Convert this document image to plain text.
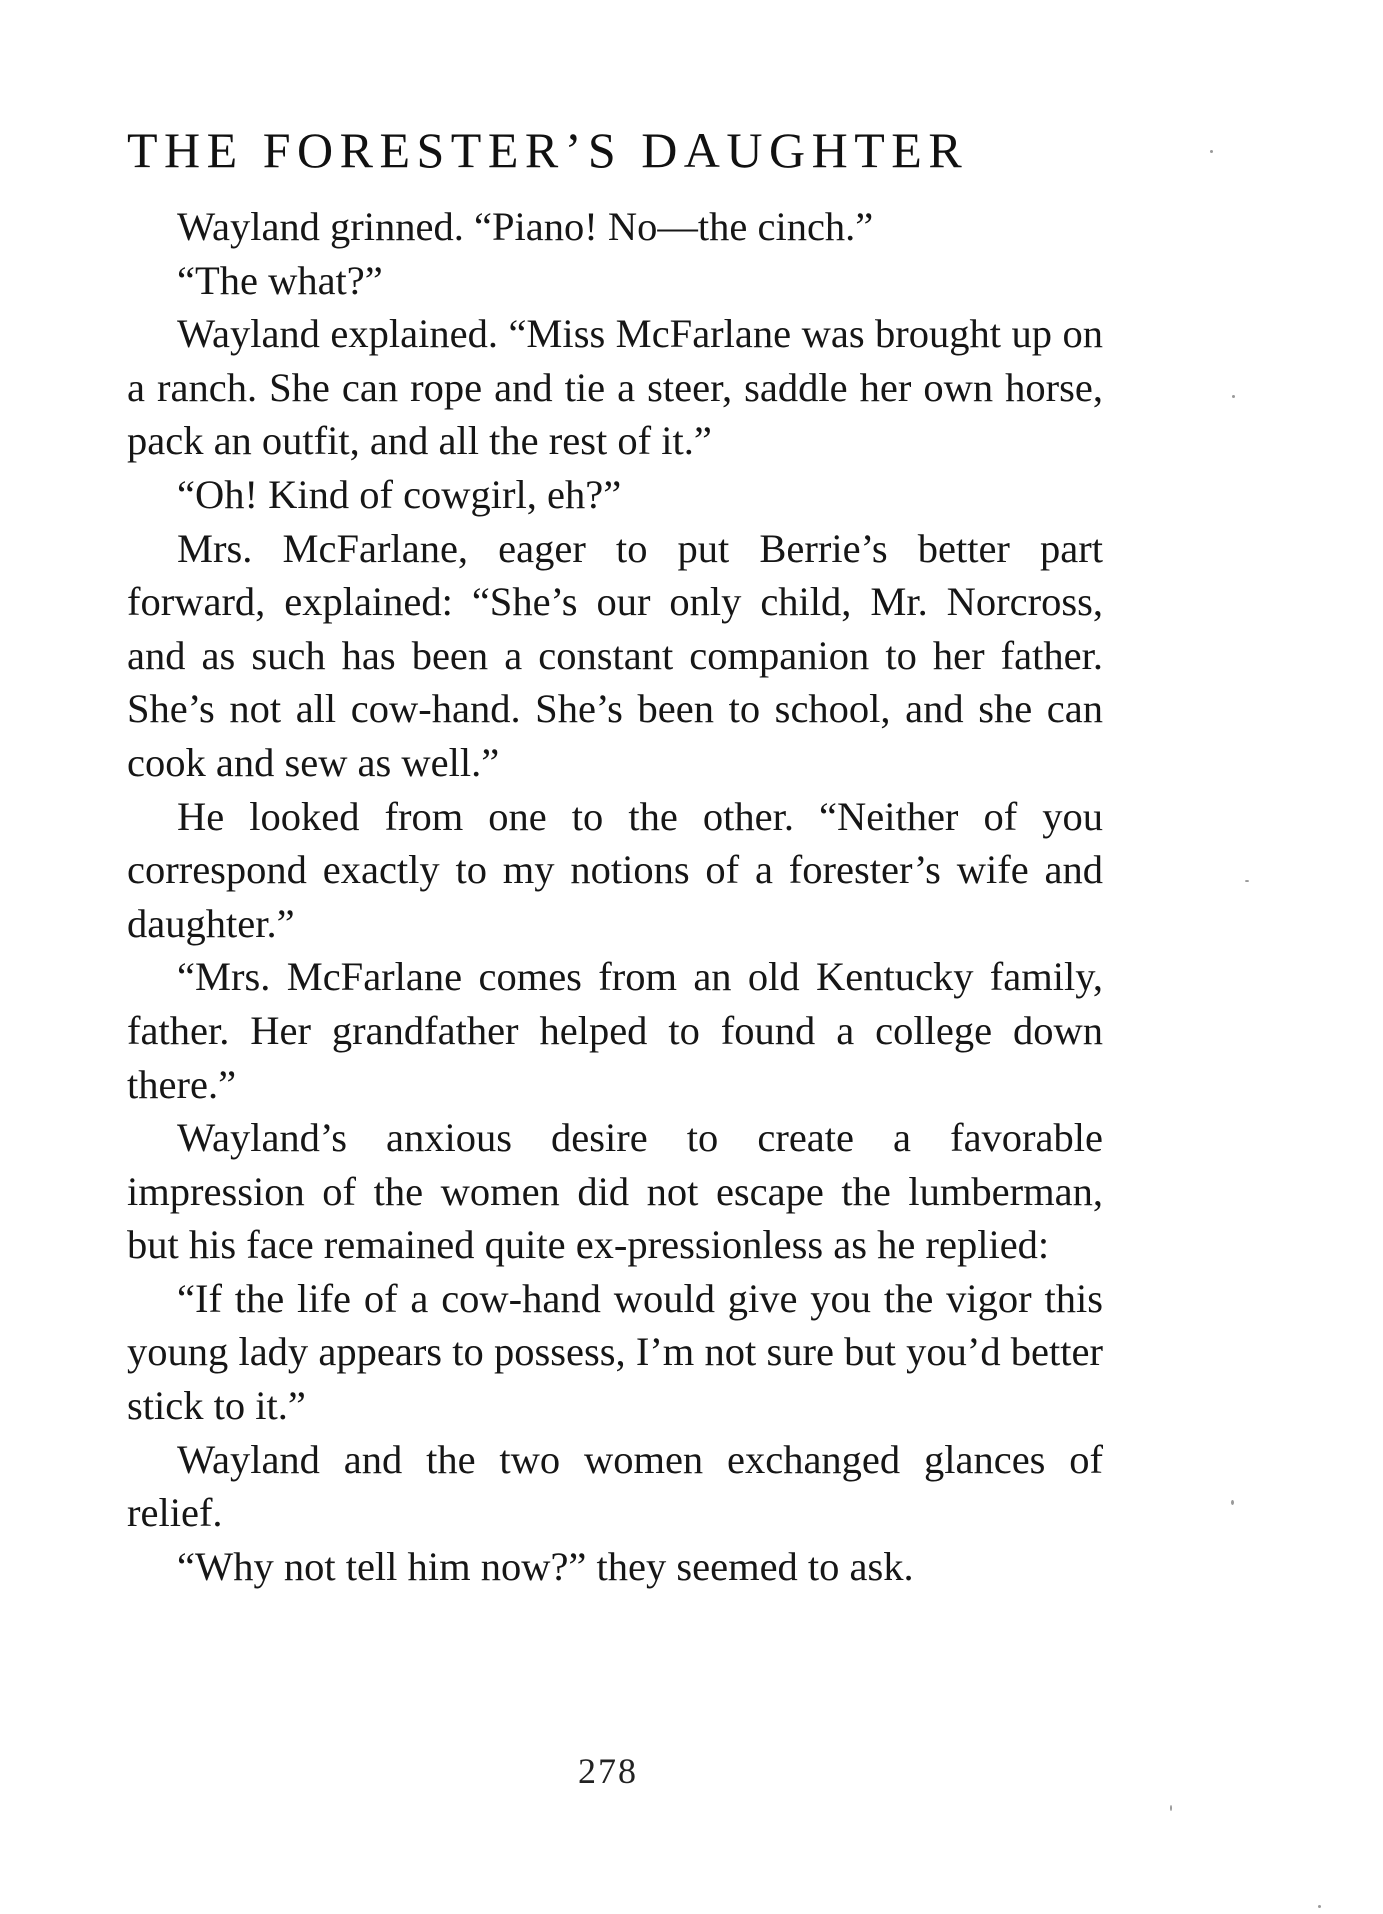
THE FORESTER’S DAUGHTER

Wayland grinned. “Piano! No—the cinch.”

“The what?”

Wayland explained. “Miss McFarlane was brought up on a ranch. She can rope and tie a steer, saddle her own horse, pack an outfit, and all the rest of it.”

“Oh! Kind of cowgirl, eh?”

Mrs. McFarlane, eager to put Berrie’s better part forward, explained: “She’s our only child, Mr. Norcross, and as such has been a constant companion to her father. She’s not all cow-hand. She’s been to school, and she can cook and sew as well.”

He looked from one to the other. “Neither of you correspond exactly to my notions of a forester’s wife and daughter.”

“Mrs. McFarlane comes from an old Kentucky family, father. Her grandfather helped to found a college down there.”

Wayland’s anxious desire to create a favorable impression of the women did not escape the lumberman, but his face remained quite ex-pressionless as he replied:

“If the life of a cow-hand would give you the vigor this young lady appears to possess, I’m not sure but you’d better stick to it.”

Wayland and the two women exchanged glances of relief.

“Why not tell him now?” they seemed to ask.

278
